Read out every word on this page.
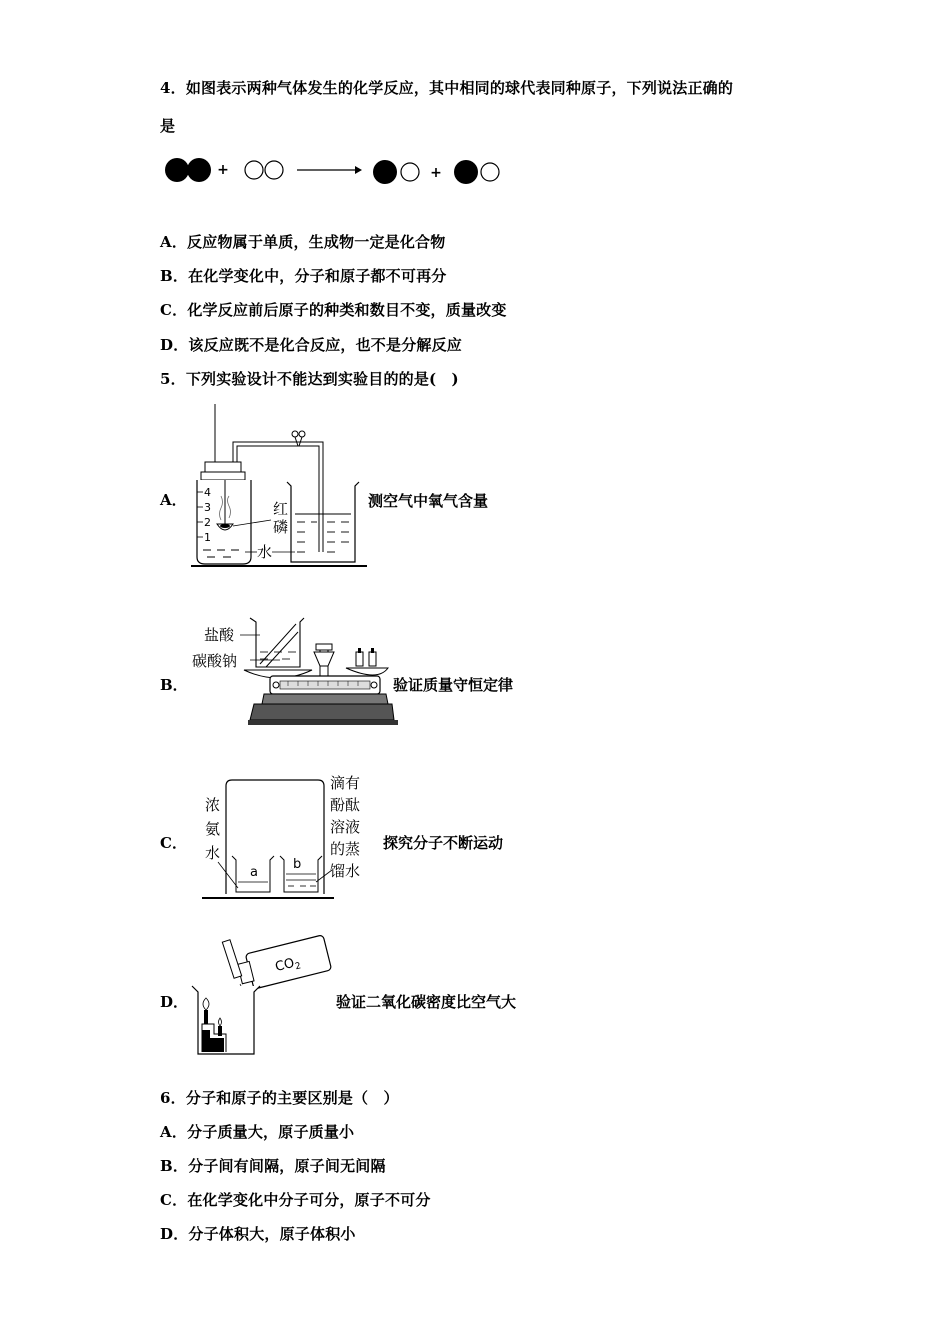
4．如图表示两种气体发生的化学反应，其中相同的球代表同种原子，下列说法正确的
是
+	+
A．反应物属于单质，生成物一定是化合物
B．在化学变化中，分子和原子都不可再分
C．化学反应前后原子的种类和数目不变，质量改变
D．该反应既不是化合反应，也不是分解反应
5．下列实验设计不能达到实验目的的是(　)
A． 4
3
2
1
红
磷
水
测空气中氧气含量
B．
盐酸
碳酸钠
验证质量守恒定律
C．
浓
氨
水
滴有
酚酞
溶液
的蒸
馏水
a
b
探究分子不断运动
D．
$CO_2$
验证二氧化碳密度比空气大
6．分子和原子的主要区别是（　）
A．分子质量大，原子质量小
B．分子间有间隔，原子间无间隔
C．在化学变化中分子可分，原子不可分
D．分子体积大，原子体积小
